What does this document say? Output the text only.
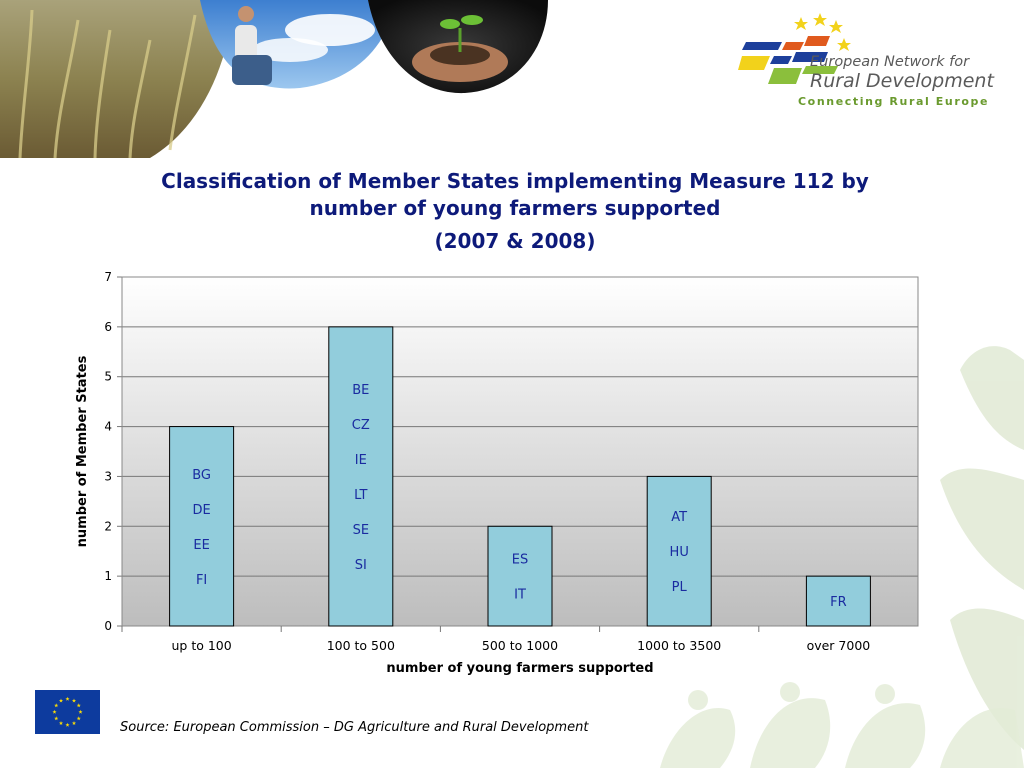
European Network for
Rural Development
Connecting Rural Europe
Classification of Member States implementing Measure 112 by
number of young farmers supported
(2007 & 2008)
0
1
2
3
4
5
6
7
BG
DE
EE
FI
up to 100
BE
CZ
IE
LT
SE
SI
100 to 500
ES
IT
500 to 1000
AT
HU
PL
1000 to 3500
FR
over 7000
number of young farmers supported
number of Member States
Source: European Commission – DG Agriculture and Rural Development
